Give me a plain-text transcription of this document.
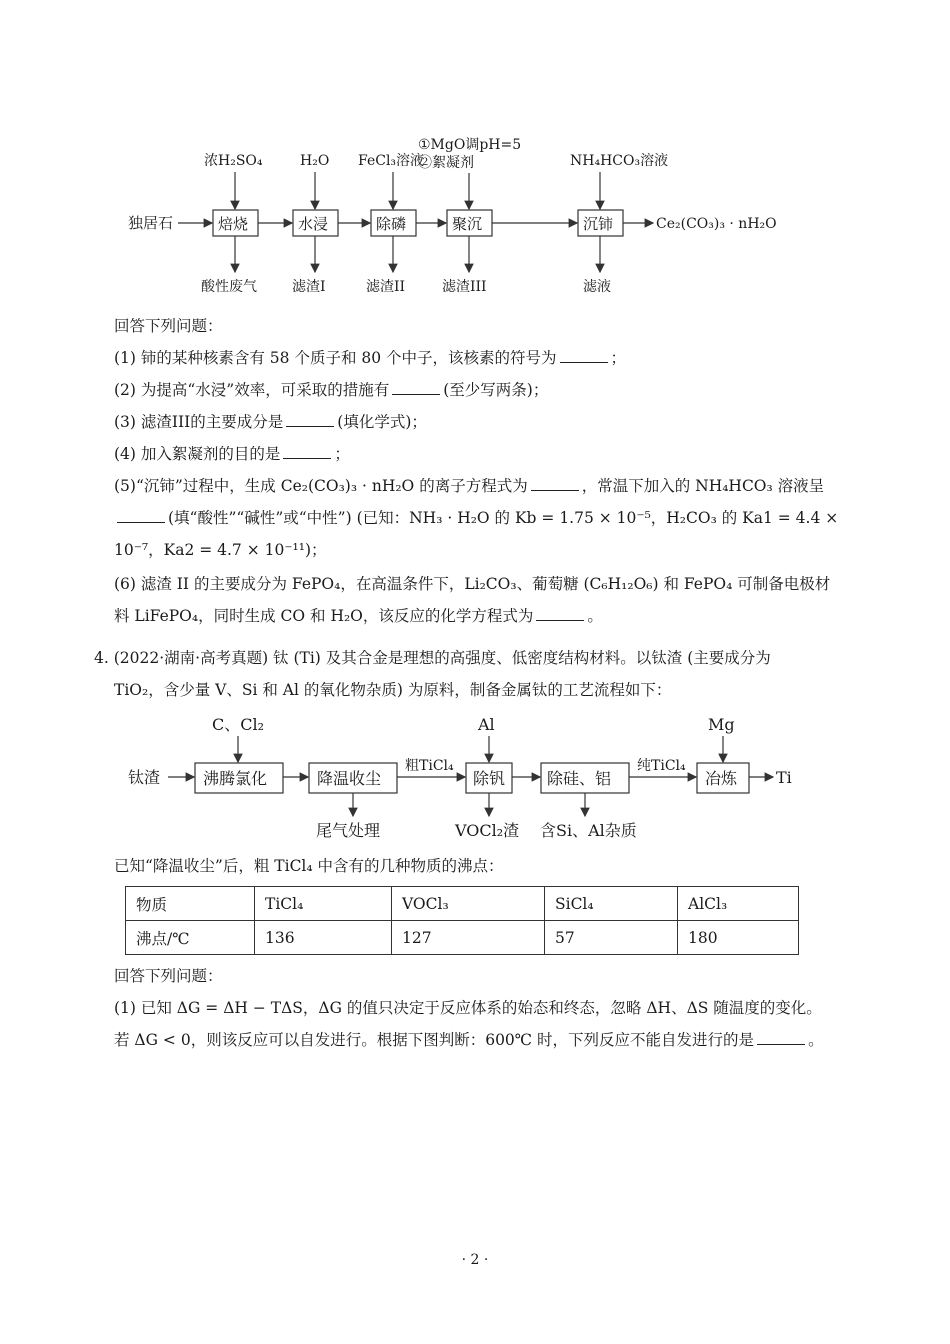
独居石	焙烧	水浸	除磷	聚沉	沉铈	Ce₂(CO₃)₃ · nH₂O
浓H₂SO₄	H₂O FeCl₃溶液
①MgO调pH=5
②絮凝剂	NH₄HCO₃溶液
酸性废气	滤渣I	滤渣II	滤渣III	滤液
回答下列问题：
(1) 铈的某种核素含有 58 个质子和 80 个中子，该核素的符号为	；
(2) 为提高“水浸”效率，可采取的措施有	(至少写两条)；
(3) 滤渣III的主要成分是	(填化学式)；
(4) 加入絮凝剂的目的是	；
(5)“沉铈”过程中，生成 Ce₂(CO₃)₃ · nH₂O 的离子方程式为	，常温下加入的 NH₄HCO₃ 溶液呈
(填“酸性”“碱性”或“中性”) (已知：NH₃ · H₂O 的 Kb = 1.75 × 10⁻⁵，H₂CO₃ 的 Ka1 = 4.4 ×
10⁻⁷，Ka2 = 4.7 × 10⁻¹¹)；
(6) 滤渣 II 的主要成分为 FePO₄，在高温条件下，Li₂CO₃、葡萄糖 (C₆H₁₂O₆) 和 FePO₄ 可制备电极材
料 LiFePO₄，同时生成 CO 和 H₂O，该反应的化学方程式为	。
4. (2022·湖南·高考真题) 钛 (Ti) 及其合金是理想的高强度、低密度结构材料。以钛渣 (主要成分为
TiO₂，含少量 V、Si 和 Al 的氧化物杂质) 为原料，制备金属钛的工艺流程如下：
钛渣	沸腾氯化	降温收尘
粗TiCl₄
除钒	除硅、铝
纯TiCl₄
冶炼 Ti
C、Cl₂	Al	Mg
尾气处理	VOCl₂渣 含Si、Al杂质
已知“降温收尘”后，粗 TiCl₄ 中含有的几种物质的沸点：
物质	TiCl₄	VOCl₃	SiCl₄	AlCl₃
沸点/℃	136	127	57	180
回答下列问题：
(1) 已知 ΔG = ΔH − TΔS，ΔG 的值只决定于反应体系的始态和终态，忽略 ΔH、ΔS 随温度的变化。
若 ΔG < 0，则该反应可以自发进行。根据下图判断：600℃ 时，下列反应不能自发进行的是	。
· 2 ·
